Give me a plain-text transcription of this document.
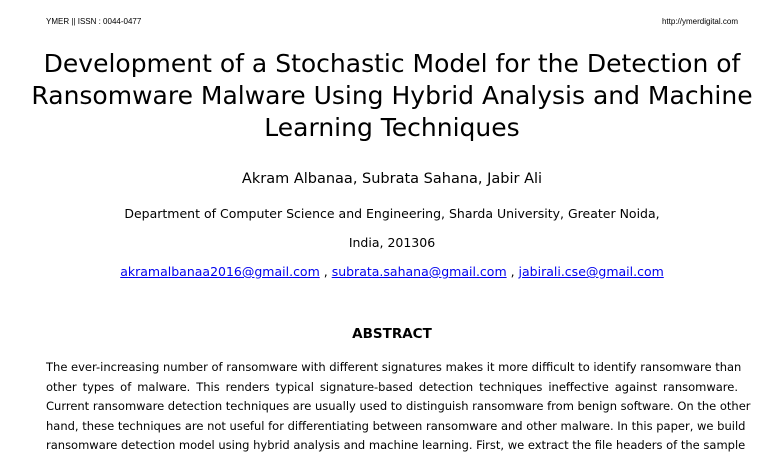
YMER || ISSN : 0044-0477	http://ymerdigital.com
Development of a Stochastic Model for the Detection of
Ransomware Malware Using Hybrid Analysis and Machine
Learning Techniques
Akram Albanaa, Subrata Sahana, Jabir Ali
Department of Computer Science and Engineering, Sharda University, Greater Noida,
India, 201306
akramalbanaa2016@gmail.com , subrata.sahana@gmail.com , jabirali.cse@gmail.com
ABSTRACT
The ever-increasing number of ransomware with different signatures makes it more difficult to identify ransomware than
other types of malware. This renders typical signature-based detection techniques ineffective against ransomware.
Current ransomware detection techniques are usually used to distinguish ransomware from benign software. On the other
hand, these techniques are not useful for differentiating between ransomware and other malware. In this paper, we build
ransomware detection model using hybrid analysis and machine learning. First, we extract the file headers of the sample
